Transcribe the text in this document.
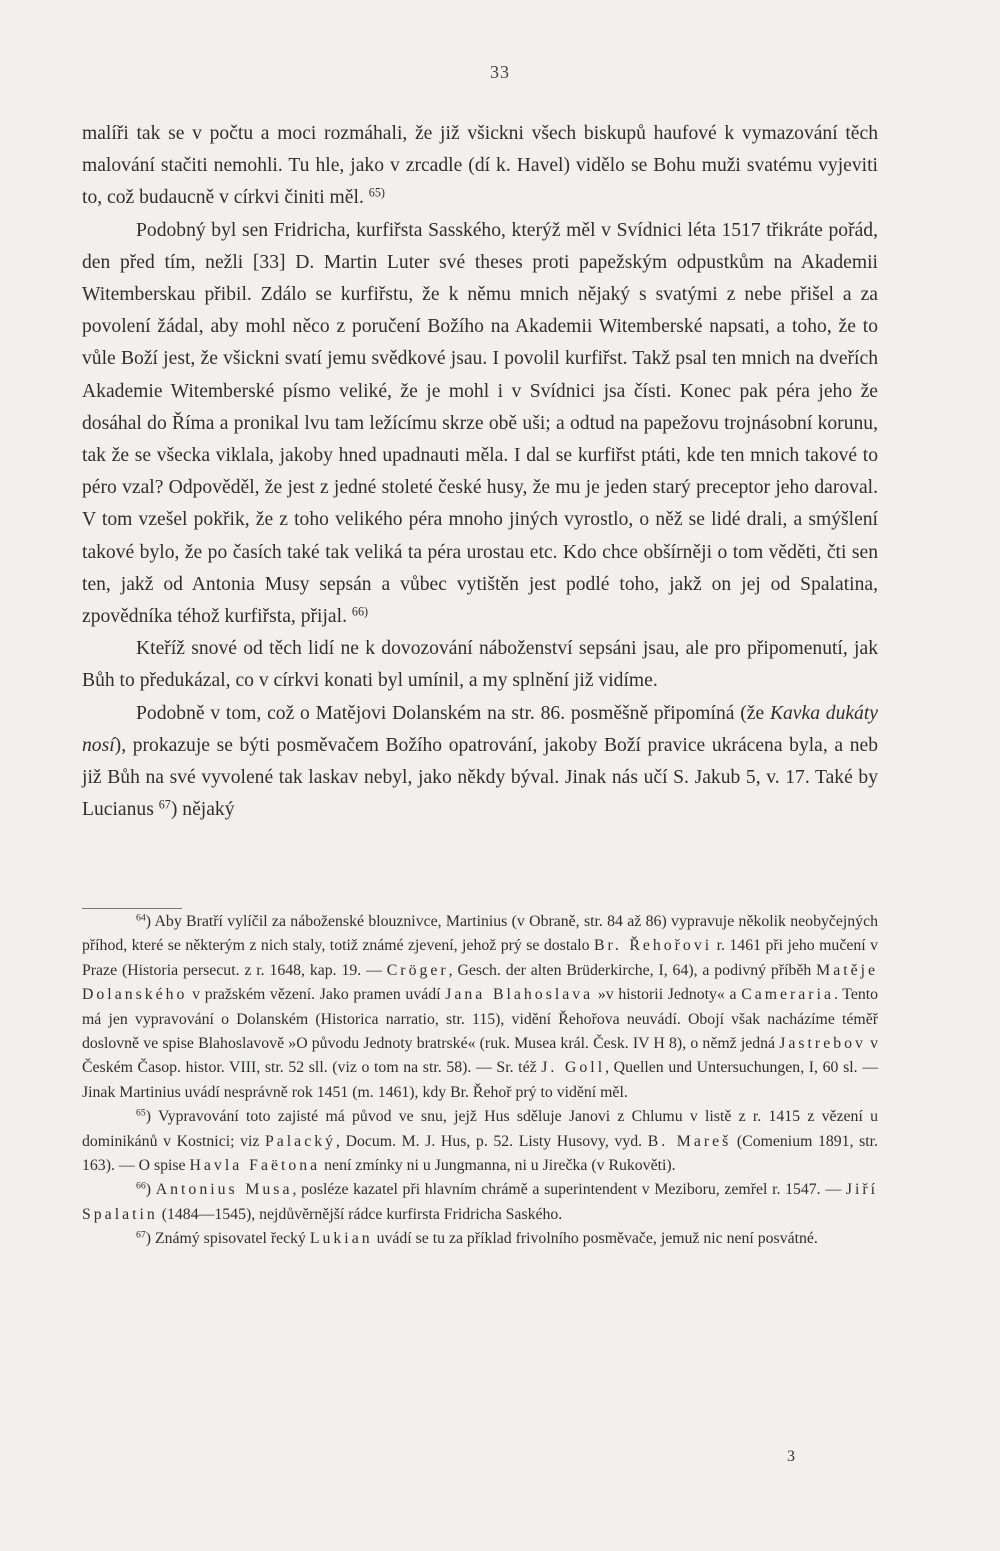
33

malíři tak se v počtu a moci rozmáhali, že již všickni všech biskupů haufové k vymazování těch malování stačiti nemohli. Tu hle, jako v zrcadle (dí k. Havel) vidělo se Bohu muži svatému vyjeviti to, což budaucně v církvi činiti měl. $^{65)}$

Podobný byl sen Fridricha, kurfiřsta Sasského, kterýž měl v Svídnici léta 1517 třikráte pořád, den před tím, nežli [33] D. Martin Luter své theses proti papežským odpustkům na Akademii Witemberskau přibil. Zdálo se kurfiřstu, že k němu mnich nějaký s svatými z nebe přišel a za povolení žádal, aby mohl něco z poručení Božího na Akademii Witemberské napsati, a toho, že to vůle Boží jest, že všickni svatí jemu svědkové jsau. I povolil kurfiřst. Takž psal ten mnich na dveřích Akademie Witemberské písmo veliké, že je mohl i v Svídnici jsa čísti. Konec pak péra jeho že dosáhal do Říma a pronikal lvu tam ležícímu skrze obě uši; a odtud na papežovu trojnásobní korunu, tak že se všecka viklala, jakoby hned upadnauti měla. I dal se kurfiřst ptáti, kde ten mnich takové to péro vzal? Odpověděl, že jest z jedné stoleté české husy, že mu je jeden starý preceptor jeho daroval. V tom vzešel pokřik, že z toho velikého péra mnoho jiných vyrostlo, o něž se lidé drali, a smýšlení takové bylo, že po časích také tak veliká ta péra urostau etc. Kdo chce obšírněji o tom věděti, čti sen ten, jakž od Antonia Musy sepsán a vůbec vytištěn jest podlé toho, jakž on jej od Spalatina, zpovědníka téhož kurfiřsta, přijal. $^{66)}$

Kteříž snové od těch lidí ne k dovozování náboženství sepsáni jsau, ale pro připomenutí, jak Bůh to předukázal, co v církvi konati byl umínil, a my splnění již vidíme.

Podobně v tom, což o Matějovi Dolanském na str. 86. posměšně připomíná (že Kavka dukáty nosí), prokazuje se býti posměvačem Božího opatrování, jakoby Boží pravice ukrácena byla, a neb již Bůh na své vyvolené tak laskav nebyl, jako někdy býval. Jinak nás učí S. Jakub 5, v. 17. Také by Lucianus $^{67}$) nějaký

$^{64}$) Aby Bratří vylíčil za náboženské blouznivce, Martinius (v Obraně, str. 84 až 86) vypravuje několik neobyčejných příhod, které se některým z nich staly, totiž známé zjevení, jehož prý se dostalo Br. Řehořovi r. 1461 při jeho mučení v Praze (Historia persecut. z r. 1648, kap. 19. — Cröger, Gesch. der alten Brüderkirche, I, 64), a podivný příběh Matěje Dolanského v pražském vězení. Jako pramen uvádí Jana Blahoslava »v historii Jednoty« a Cameraria. Tento má jen vypravování o Dolanském (Historica narratio, str. 115), vidění Řehořova neuvádí. Obojí však nacházíme téměř doslovně ve spise Blahoslavově »O původu Jednoty bratrské« (ruk. Musea král. Česk. IV H 8), o němž jedná Jastrebov v Českém Časop. histor. VIII, str. 52 sll. (viz o tom na str. 58). — Sr. též J. Goll, Quellen und Untersuchungen, I, 60 sl. — Jinak Martinius uvádí nesprávně rok 1451 (m. 1461), kdy Br. Řehoř prý to vidění měl.

$^{65}$) Vypravování toto zajisté má původ ve snu, jejž Hus sděluje Janovi z Chlumu v listě z r. 1415 z vězení u dominikánů v Kostnici; viz Palacký, Docum. M. J. Hus, p. 52. Listy Husovy, vyd. B. Mareš (Comenium 1891, str. 163). — O spise Havla Faëtona není zmínky ni u Jungmanna, ni u Jirečka (v Rukověti).

$^{66}$) Antonius Musa, posléze kazatel při hlavním chrámě a superintendent v Meziboru, zemřel r. 1547. — Jiří Spalatin (1484—1545), nejdůvěrnější rádce kurfirsta Fridricha Saského.

$^{67}$) Známý spisovatel řecký Lukian uvádí se tu za příklad frivolního posměvače, jemuž nic není posvátné.

3
